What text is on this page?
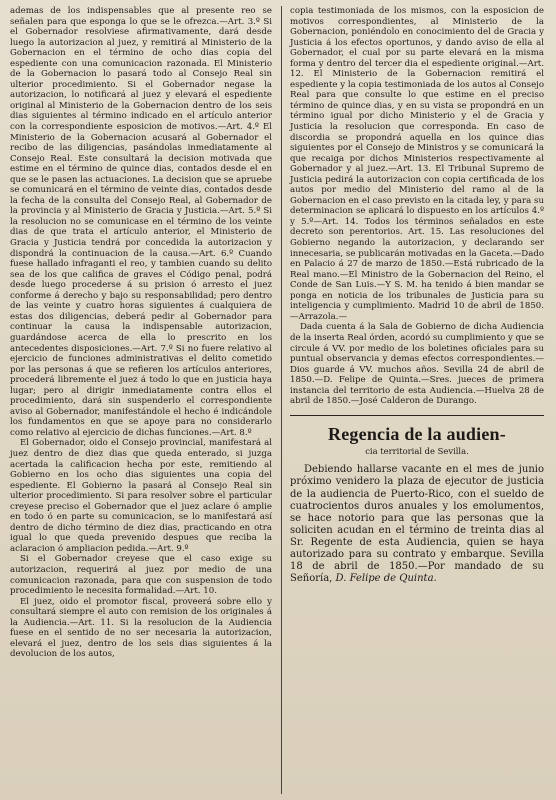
ademas de los indispensables que al presente reo se señalen para que esponga lo que se le ofrezca.—Art. 3.º Si el Gobernador resolviese afirmativamente, dará desde luego la autorizacion al juez, y remitirá al Ministerio de la Gobernacion en el término de ocho dias copia del espediente con una comunicacion razonada. El Ministerio de la Gobernacion lo pasará todo al Consejo Real sin ulterior procedimiento. Si el Gobernador negase la autorizacion, lo notificará al juez y elevará el espediente original al Ministerio de la Gobernacion dentro de los seis dias siguientes al término indicado en el artículo anterior con la correspondiente esposicion de motivos.—Art. 4.º El Ministerio de la Gobernacion acusará al Gobernador el recibo de las diligencias, pasándolas inmediatamente al Consejo Real. Este consultará la decision motivada que estime en el término de quince dias, contados desde el en que se le pasen las actuaciones. La decision que se apruebe se comunicará en el término de veinte dias, contados desde la fecha de la consulta del Consejo Real, al Gobernador de la provincia y al Ministerio de Gracia y Justicia.—Art. 5.º Si la resolucion no se comunicase en el término de los veinte dias de que trata el artículo anterior, el Ministerio de Gracia y Justicia tendrá por concedida la autorizacion y dispondrá la continuacion de la causa.—Art. 6.º Cuando fuese hallado infraganti el reo, y tambien cuando su delito sea de los que califica de graves el Código penal, podrá desde luego procederse á su prision ó arresto el juez conforme á derecho y bajo su responsabilidad; pero dentro de las veinte y cuatro horas siguientes á cualquiera de estas dos diligencias, deberá pedir al Gobernador para continuar la causa la indispensable autorizacion, guardándose acerca de ella lo prescrito en los antecedentes disposiciones.—Art. 7.º Si no fuere relativo al ejercicio de funciones administrativas el delito cometido por las personas á que se refieren los artículos anteriores, procederá libremente el juez á todo lo que en justicia haya lugar; pero al dirigir inmediatamente contra ellos el procedimiento, dará sin suspenderlo el correspondiente aviso al Gobernador, manifestándole el hecho é indicándole los fundamentos en que se apoye para no considerarlo como relativo al ejercicio de dichas funciones.—Art. 8.º

El Gobernador, oido el Consejo provincial, manifestará al juez dentro de diez dias que queda enterado, si juzga acertada la calificacion hecha por este, remitiendo al Gobierno en los ocho dias siguientes una copia del espediente. El Gobierno la pasará al Consejo Real sin ulterior procedimiento. Si para resolver sobre el particular creyese preciso el Gobernador que el juez aclare ó amplie en todo ó en parte su comunicacion, se lo manifestará así dentro de dicho término de diez dias, practicando en otra igual lo que queda prevenido despues que reciba la aclaracion ó ampliacion pedida.—Art. 9.º

Si el Gobernador creyese que el caso exige su autorizacion, requerirá al juez por medio de una comunicacion razonada, para que con suspension de todo procedimiento le necesita formalidad.—Art. 10.

El juez, oido el promotor fiscal, proveerá sobre ello y consultará siempre el auto con remision de los originales á la Audiencia.—Art. 11. Si la resolucion de la Audiencia fuese en el sentido de no ser necesaria la autorizacion, elevará el juez, dentro de los seis dias siguientes á la devolucion de los autos,

copia testimoniada de los mismos, con la esposicion de motivos correspondientes, al Ministerio de la Gobernacion, poniéndolo en conocimiento del de Gracia y Justicia á los efectos oportunos, y dando aviso de ella al Gobernador, el cual por su parte elevará en la misma forma y dentro del tercer dia el espediente original.—Art. 12. El Ministerio de la Gobernacion remitirá el espediente y la copia testimoniada de los autos al Consejo Real para que consulte lo que estime en el preciso término de quince dias, y en su vista se propondrá en un término igual por dicho Ministerio y el de Gracia y Justicia la resolucion que corresponda. En caso de discordia se propondrá aquella en los quince dias siguientes por el Consejo de Ministros y se comunicará la que recaiga por dichos Ministerios respectivamente al Gobernador y al juez.—Art. 13. El Tribunal Supremo de Justicia pedirá la autorizacion con copia certificada de los autos por medio del Ministerio del ramo al de la Gobernacion en el caso previsto en la citada ley, y para su determinacion se aplicará lo dispuesto en los artículos 4.º y 5.º—Art. 14. Todos los términos señalados en este decreto son perentorios. Art. 15. Las resoluciones del Gobierno negando la autorizacion, y declarando ser innecesaria, se publicarán motivadas en la Gaceta.—Dado en Palacio á 27 de marzo de 1850.—Está rubricado de la Real mano.—El Ministro de la Gobernacion del Reino, el Conde de San Luis.—Y S. M. ha tenido á bien mandar se ponga en noticia de los tribunales de Justicia para su inteligencia y cumplimiento. Madrid 10 de abril de 1850.—Arrazola.—

Dada cuenta á la Sala de Gobierno de dicha Audiencia de la inserta Real órden, acordó su cumplimiento y que se circule á VV. por medio de los boletines oficiales para su puntual observancia y demas efectos correspondientes.—Dios guarde á VV. muchos años. Sevilla 24 de abril de 1850.—D. Felipe de Quinta.—Sres. jueces de primera instancia del territorio de esta Audiencia.—Huelva 28 de abril de 1850.—José Calderon de Durango.

Regencia de la audien-
cia territorial de Sevilla.

Debiendo hallarse vacante en el mes de junio próximo venidero la plaza de ejecutor de justicia de la audiencia de Puerto-Rico, con el sueldo de cuatrocientos duros anuales y los emolumentos, se hace notorio para que las personas que la soliciten acudan en el término de treinta dias al Sr. Regente de esta Audiencia, quien se haya autorizado para su contrato y embarque. Sevilla 18 de abril de 1850.—Por mandado de su Señoría, D. Felipe de Quinta.
